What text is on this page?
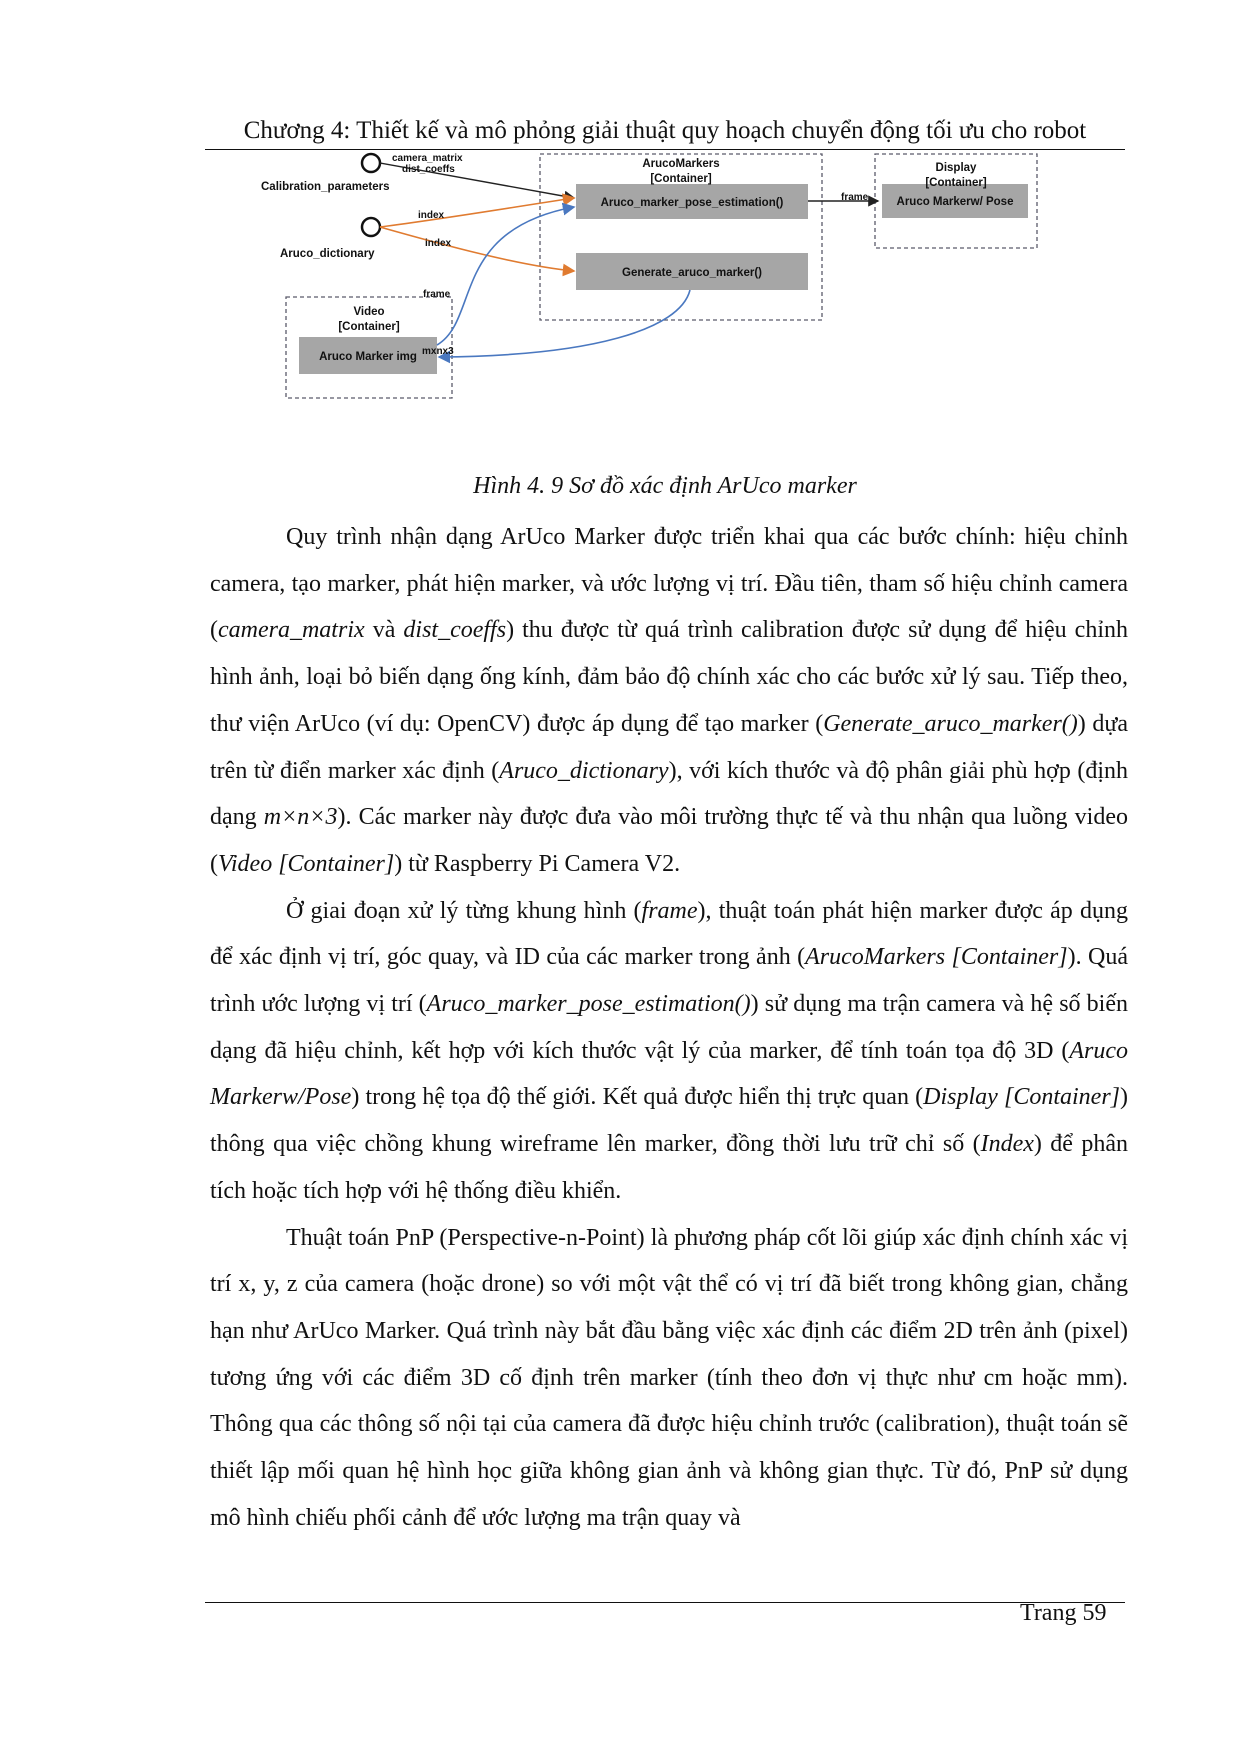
Chương 4: Thiết kế và mô phỏng giải thuật quy hoạch chuyển động tối ưu cho robot
Calibration_parameters
Aruco_dictionary
camera_matrix
dist_coeffs
index
index
frame
frame
mxnx3
ArucoMarkers
[Container]
Aruco_marker_pose_estimation()
Generate_aruco_marker()
Display
[Container]
Aruco Markerw/ Pose
Video
[Container]
Aruco Marker img
Hình 4. 9 Sơ đồ xác định ArUco marker

Quy trình nhận dạng ArUco Marker được triển khai qua các bước chính: hiệu chỉnh camera, tạo marker, phát hiện marker, và ước lượng vị trí. Đầu tiên, tham số hiệu chỉnh camera (camera_matrix và dist_coeffs) thu được từ quá trình calibration được sử dụng để hiệu chỉnh hình ảnh, loại bỏ biến dạng ống kính, đảm bảo độ chính xác cho các bước xử lý sau. Tiếp theo, thư viện ArUco (ví dụ: OpenCV) được áp dụng để tạo marker (Generate_aruco_marker()) dựa trên từ điển marker xác định (Aruco_dictionary), với kích thước và độ phân giải phù hợp (định dạng m×n×3). Các marker này được đưa vào môi trường thực tế và thu nhận qua luồng video (Video [Container]) từ Raspberry Pi Camera V2.

Ở giai đoạn xử lý từng khung hình (frame), thuật toán phát hiện marker được áp dụng để xác định vị trí, góc quay, và ID của các marker trong ảnh (ArucoMarkers [Container]). Quá trình ước lượng vị trí (Aruco_marker_pose_estimation()) sử dụng ma trận camera và hệ số biến dạng đã hiệu chỉnh, kết hợp với kích thước vật lý của marker, để tính toán tọa độ 3D (Aruco Markerw/Pose) trong hệ tọa độ thế giới. Kết quả được hiển thị trực quan (Display [Container]) thông qua việc chồng khung wireframe lên marker, đồng thời lưu trữ chỉ số (Index) để phân tích hoặc tích hợp với hệ thống điều khiển.

Thuật toán PnP (Perspective-n-Point) là phương pháp cốt lõi giúp xác định chính xác vị trí x, y, z của camera (hoặc drone) so với một vật thể có vị trí đã biết trong không gian, chẳng hạn như ArUco Marker. Quá trình này bắt đầu bằng việc xác định các điểm 2D trên ảnh (pixel) tương ứng với các điểm 3D cố định trên marker (tính theo đơn vị thực như cm hoặc mm). Thông qua các thông số nội tại của camera đã được hiệu chỉnh trước (calibration), thuật toán sẽ thiết lập mối quan hệ hình học giữa không gian ảnh và không gian thực. Từ đó, PnP sử dụng mô hình chiếu phối cảnh để ước lượng ma trận quay và

Trang 59
